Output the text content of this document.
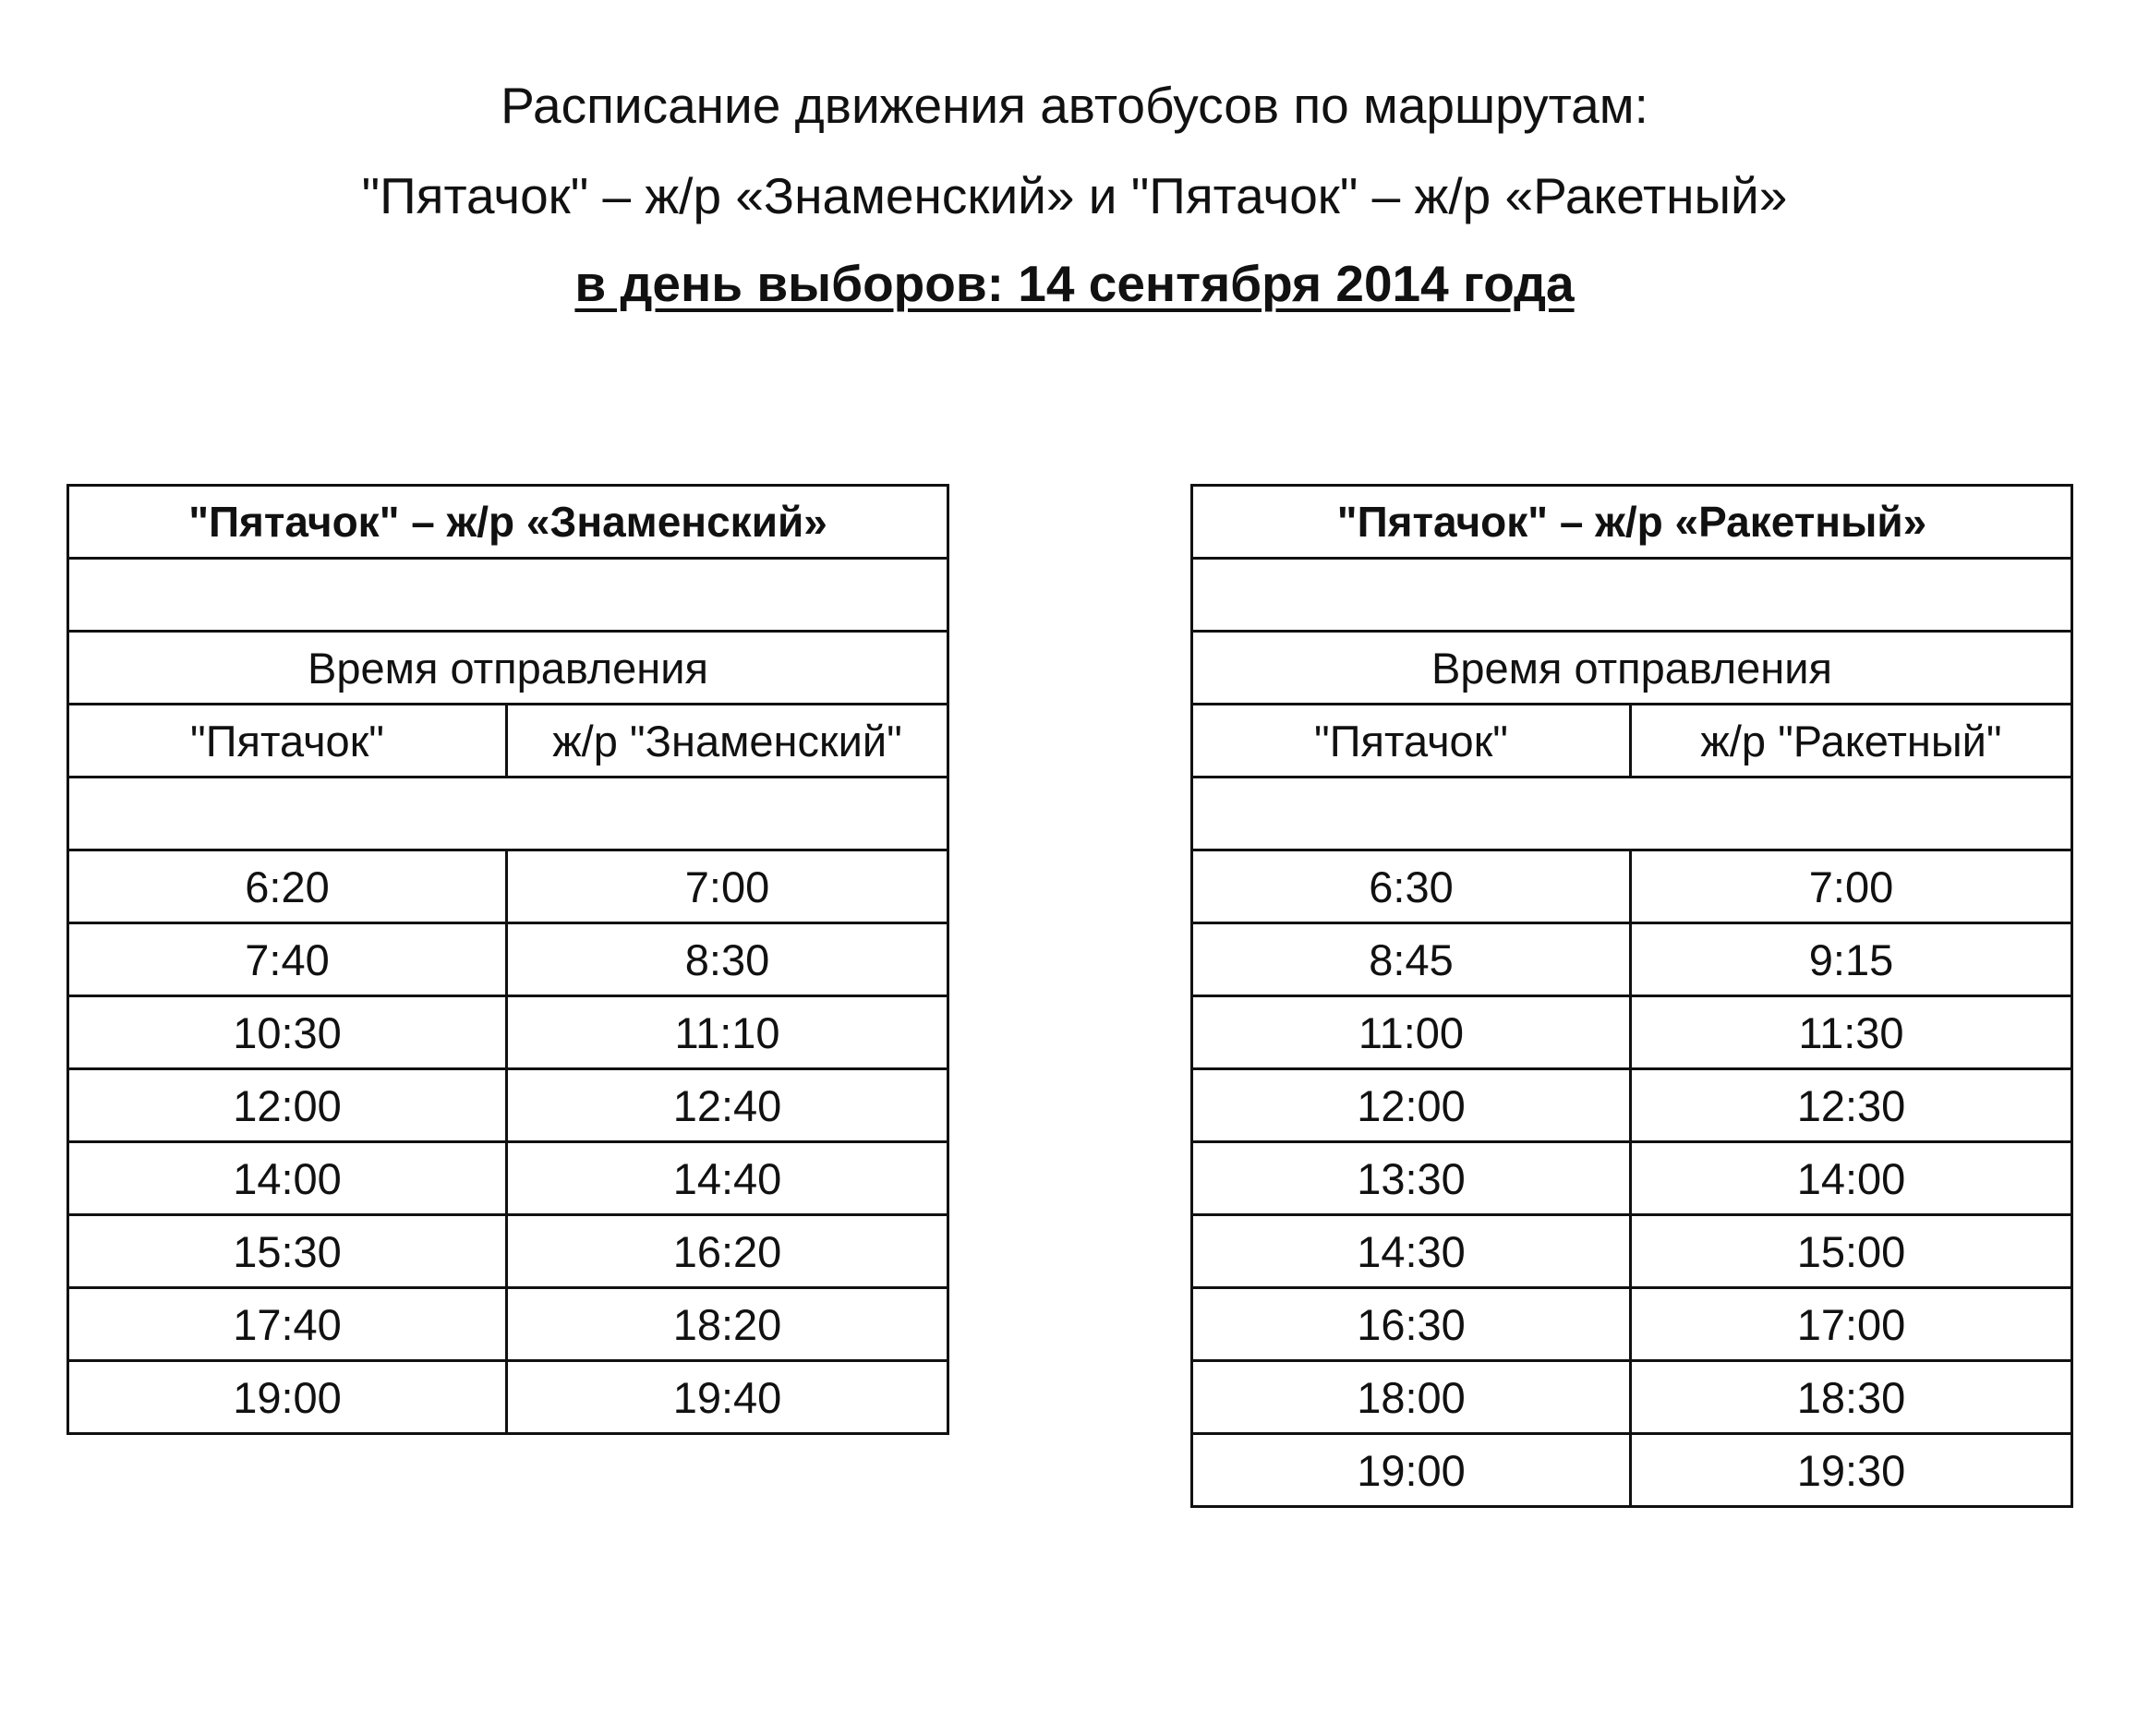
Расписание движения автобусов по маршрутам:
"Пятачок" – ж/р «Знаменский» и "Пятачок" – ж/р «Ракетный»
в день выборов: 14 сентября 2014 года
"Пятачок" – ж/р «Знаменский»	

Время отправления	
"Пятачок"	ж/р "Знаменский"

6:20	7:00
7:40	8:30
10:30	11:10
12:00	12:40
14:00	14:40
15:30	16:20
17:40	18:20
19:00	19:40
"Пятачок" – ж/р «Ракетный»	

Время отправления	
"Пятачок"	ж/р "Ракетный"

6:30	7:00
8:45	9:15
11:00	11:30
12:00	12:30
13:30	14:00
14:30	15:00
16:30	17:00
18:00	18:30
19:00	19:30
